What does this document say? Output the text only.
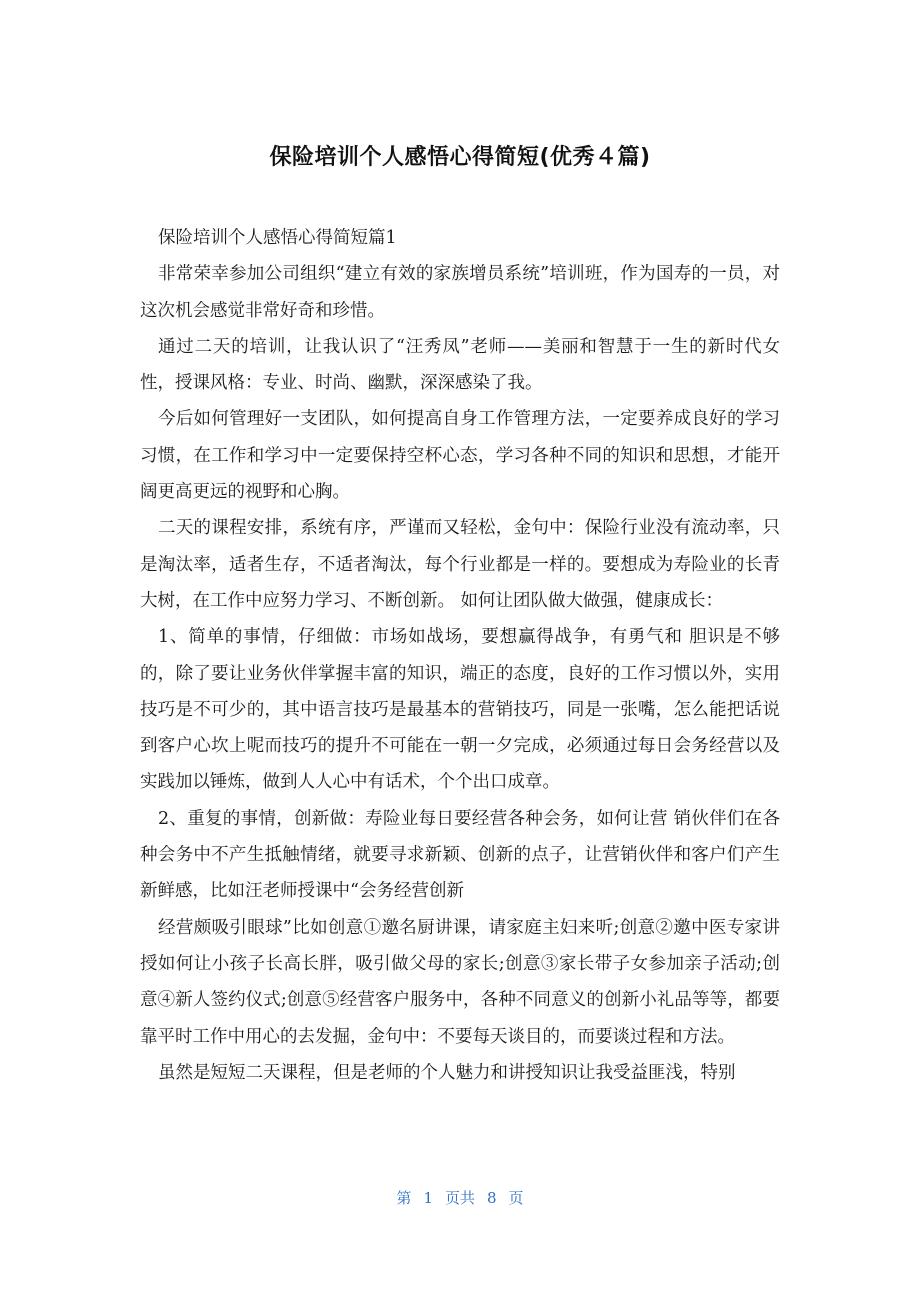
保险培训个人感悟心得简短(优秀４篇)

保险培训个人感悟心得简短篇1

非常荣幸参加公司组织“建立有效的家族增员系统”培训班，作为国寿的一员，对这次机会感觉非常好奇和珍惜。

通过二天的培训，让我认识了“汪秀凤”老师——美丽和智慧于一生的新时代女性，授课风格：专业、时尚、幽默，深深感染了我。

今后如何管理好一支团队，如何提高自身工作管理方法，一定要养成良好的学习习惯，在工作和学习中一定要保持空杯心态，学习各种不同的知识和思想，才能开阔更高更远的视野和心胸。

二天的课程安排，系统有序，严谨而又轻松，金句中：保险行业没有流动率，只是淘汰率，适者生存，不适者淘汰，每个行业都是一样的。要想成为寿险业的长青大树，在工作中应努力学习、不断创新。 如何让团队做大做强，健康成长：

1、简单的事情，仔细做：市场如战场，要想赢得战争，有勇气和 胆识是不够的，除了要让业务伙伴掌握丰富的知识，端正的态度，良好的工作习惯以外，实用技巧是不可少的，其中语言技巧是最基本的营销技巧，同是一张嘴，怎么能把话说到客户心坎上呢而技巧的提升不可能在一朝一夕完成，必须通过每日会务经营以及实践加以锤炼，做到人人心中有话术，个个出口成章。

2、重复的事情，创新做：寿险业每日要经营各种会务，如何让营 销伙伴们在各种会务中不产生抵触情绪，就要寻求新颖、创新的点子，让营销伙伴和客户们产生新鲜感，比如汪老师授课中“会务经营创新

经营颇吸引眼球”比如创意①邀名厨讲课，请家庭主妇来听;创意②邀中医专家讲授如何让小孩子长高长胖，吸引做父母的家长;创意③家长带子女参加亲子活动;创意④新人签约仪式;创意⑤经营客户服务中，各种不同意义的创新小礼品等等，都要靠平时工作中用心的去发掘，金句中：不要每天谈目的，而要谈过程和方法。

虽然是短短二天课程，但是老师的个人魅力和讲授知识让我受益匪浅，特别

第 1 页共 8 页
